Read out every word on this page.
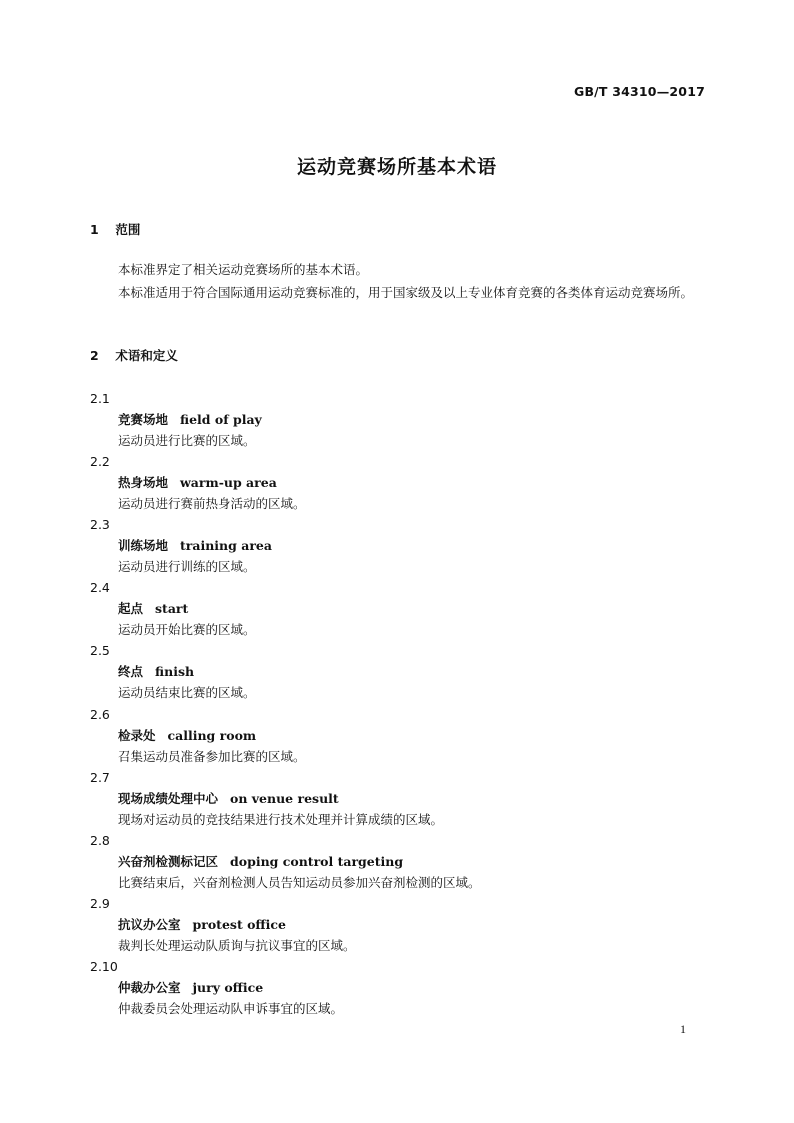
GB/T 34310—2017
运动竞赛场所基本术语
1 范围
本标准界定了相关运动竞赛场所的基本术语。
本标准适用于符合国际通用运动竞赛标准的，用于国家级及以上专业体育竞赛的各类体育运动竞赛场所。
2 术语和定义
2.1
竞赛场地 field of play
运动员进行比赛的区域。
2.2
热身场地 warm-up area
运动员进行赛前热身活动的区域。
2.3
训练场地 training area
运动员进行训练的区域。
2.4
起点 start
运动员开始比赛的区域。
2.5
终点 finish
运动员结束比赛的区域。
2.6
检录处 calling room
召集运动员准备参加比赛的区域。
2.7
现场成绩处理中心 on venue result
现场对运动员的竞技结果进行技术处理并计算成绩的区域。
2.8
兴奋剂检测标记区 doping control targeting
比赛结束后，兴奋剂检测人员告知运动员参加兴奋剂检测的区域。
2.9
抗议办公室 protest office
裁判长处理运动队质询与抗议事宜的区域。
2.10
仲裁办公室 jury office
仲裁委员会处理运动队申诉事宜的区域。
1
